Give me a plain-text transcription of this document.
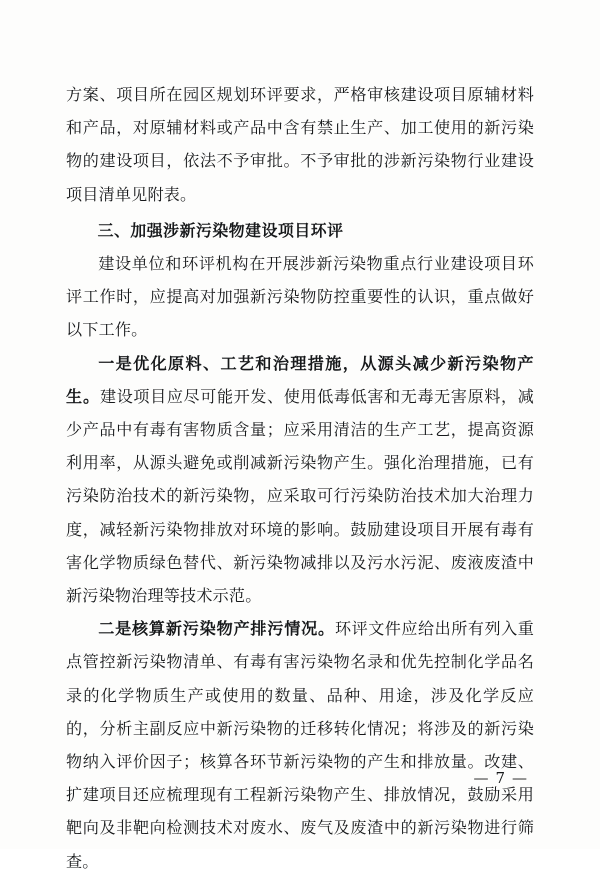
方案、项目所在园区规划环评要求，严格审核建设项目原辅材料和产品，对原辅材料或产品中含有禁止生产、加工使用的新污染物的建设项目，依法不予审批。不予审批的涉新污染物行业建设项目清单见附表。

三、加强涉新污染物建设项目环评

建设单位和环评机构在开展涉新污染物重点行业建设项目环评工作时，应提高对加强新污染物防控重要性的认识，重点做好以下工作。

一是优化原料、工艺和治理措施，从源头减少新污染物产生。建设项目应尽可能开发、使用低毒低害和无毒无害原料，减少产品中有毒有害物质含量；应采用清洁的生产工艺，提高资源利用率，从源头避免或削减新污染物产生。强化治理措施，已有污染防治技术的新污染物，应采取可行污染防治技术加大治理力度，减轻新污染物排放对环境的影响。鼓励建设项目开展有毒有害化学物质绿色替代、新污染物减排以及污水污泥、废液废渣中新污染物治理等技术示范。

二是核算新污染物产排污情况。环评文件应给出所有列入重点管控新污染物清单、有毒有害污染物名录和优先控制化学品名录的化学物质生产或使用的数量、品种、用途，涉及化学反应的，分析主副反应中新污染物的迁移转化情况；将涉及的新污染物纳入评价因子；核算各环节新污染物的产生和排放量。改建、扩建项目还应梳理现有工程新污染物产生、排放情况，鼓励采用靶向及非靶向检测技术对废水、废气及废渣中的新污染物进行筛查。

— 7 —
